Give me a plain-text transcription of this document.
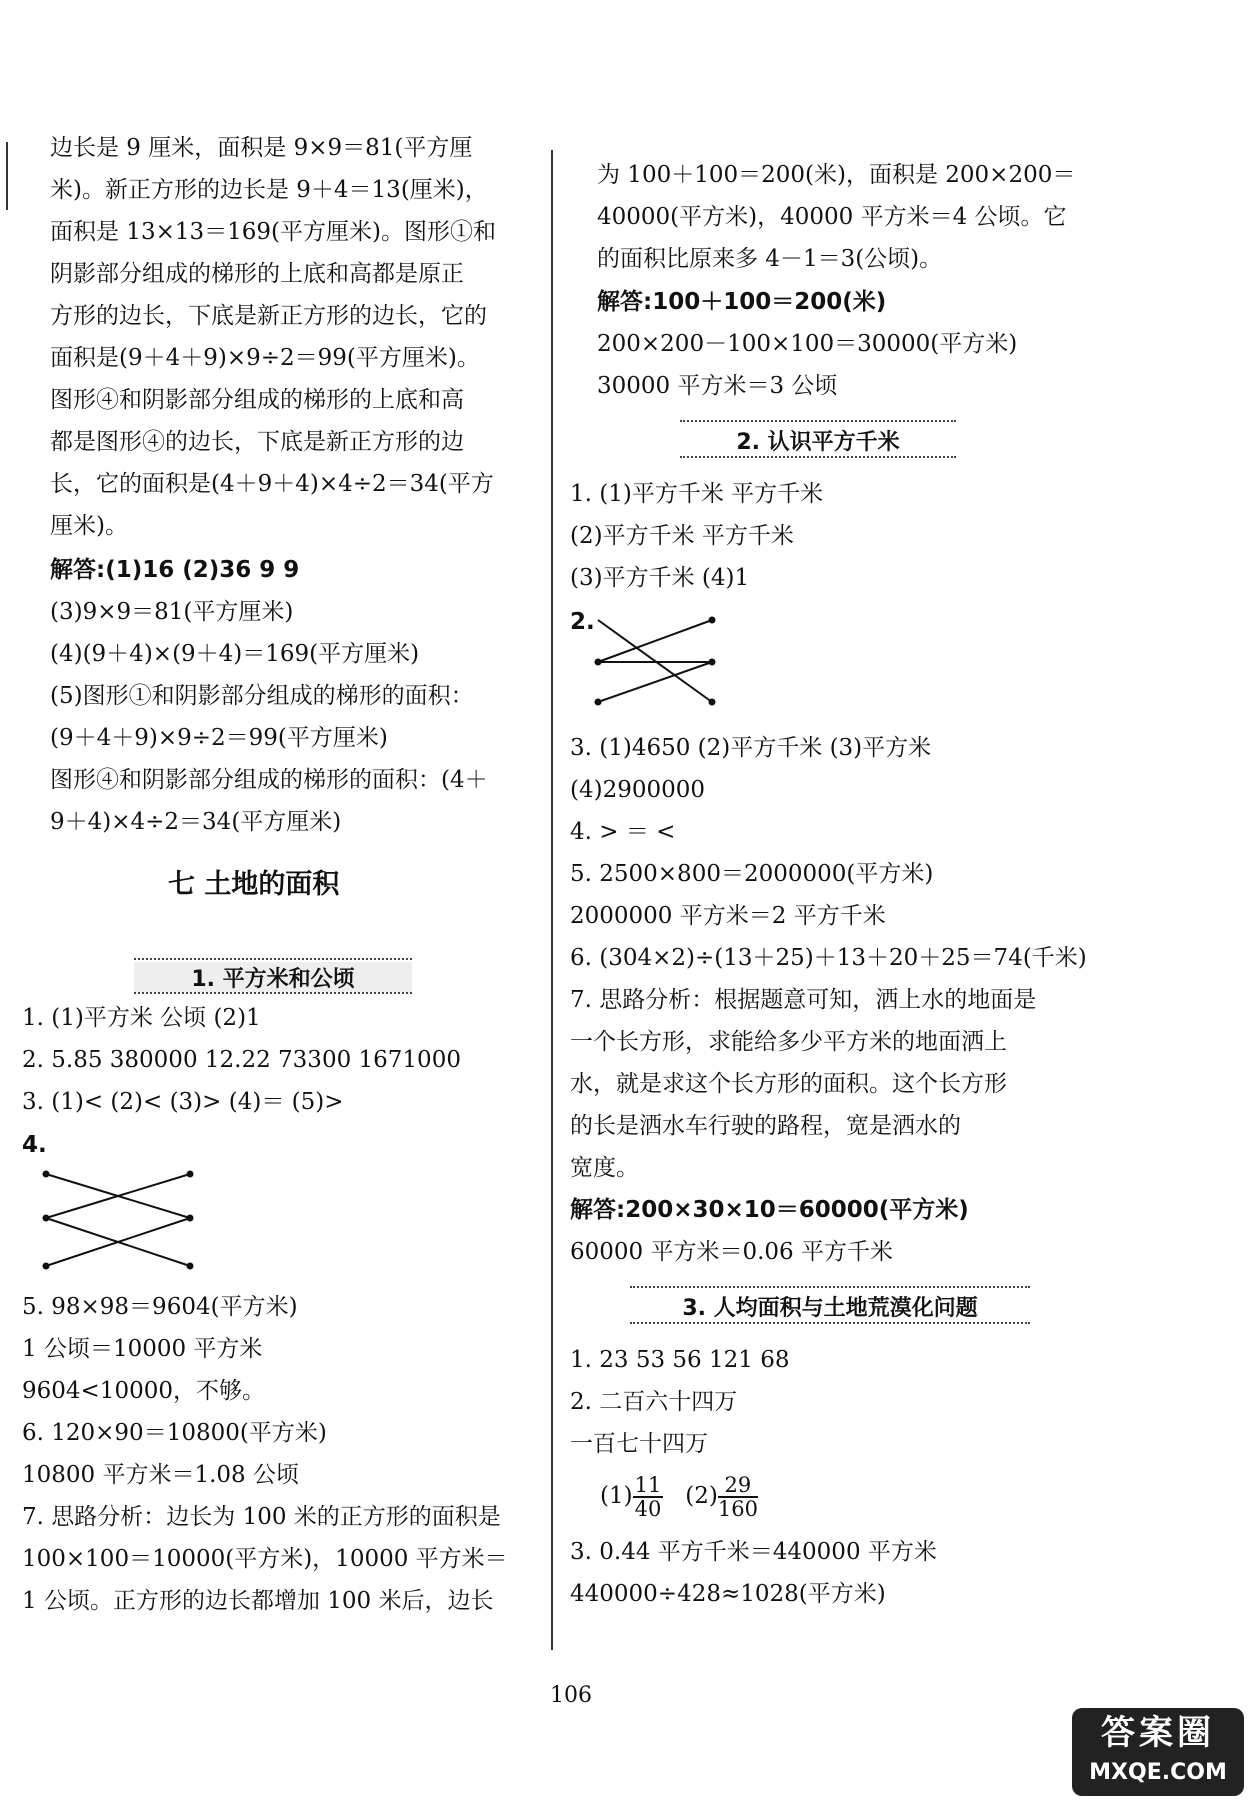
边长是 9 厘米，面积是 9×9＝81(平方厘
米)。新正方形的边长是 9＋4＝13(厘米)，
面积是 13×13＝169(平方厘米)。图形①和
阴影部分组成的梯形的上底和高都是原正
方形的边长，下底是新正方形的边长，它的
面积是(9＋4＋9)×9÷2＝99(平方厘米)。
图形④和阴影部分组成的梯形的上底和高
都是图形④的边长，下底是新正方形的边
长，它的面积是(4＋9＋4)×4÷2＝34(平方
厘米)。
解答:(1)16 (2)36 9 9
(3)9×9＝81(平方厘米)
(4)(9＋4)×(9＋4)＝169(平方厘米)
(5)图形①和阴影部分组成的梯形的面积：
(9＋4＋9)×9÷2＝99(平方厘米)
图形④和阴影部分组成的梯形的面积：(4＋
9＋4)×4÷2＝34(平方厘米)
七 土地的面积
1. 平方米和公顷
1. (1)平方米 公顷 (2)1
2. 5.85 380000 12.22 73300 1671000
3. (1)< (2)< (3)> (4)＝ (5)>
4.
5. 98×98＝9604(平方米)
1 公顷＝10000 平方米
9604<10000，不够。
6. 120×90＝10800(平方米)
10800 平方米＝1.08 公顷
7. 思路分析：边长为 100 米的正方形的面积是
100×100＝10000(平方米)，10000 平方米＝
1 公顷。正方形的边长都增加 100 米后，边长
为 100＋100＝200(米)，面积是 200×200＝
40000(平方米)，40000 平方米＝4 公顷。它
的面积比原来多 4－1＝3(公顷)。
解答:100＋100＝200(米)
200×200－100×100＝30000(平方米)
30000 平方米＝3 公顷
2. 认识平方千米
1. (1)平方千米 平方千米
(2)平方千米 平方千米
(3)平方千米 (4)1
2.
3. (1)4650 (2)平方千米 (3)平方米
(4)2900000
4. > ＝ <
5. 2500×800＝2000000(平方米)
2000000 平方米＝2 平方千米
6. (304×2)÷(13＋25)＋13＋20＋25＝74(千米)
7. 思路分析：根据题意可知，洒上水的地面是
一个长方形，求能给多少平方米的地面洒上
水，就是求这个长方形的面积。这个长方形
的长是洒水车行驶的路程，宽是洒水的
宽度。
解答:200×30×10＝60000(平方米)
60000 平方米＝0.06 平方千米
3. 人均面积与土地荒漠化问题
1. 23 53 56 121 68
2. 二百六十四万
一百七十四万
$(1) \frac{11}{40} (2) \frac{29}{160}$
3. 0.44 平方千米＝440000 平方米
440000÷428≈1028(平方米)
106
答案圈
MXQE.COM
